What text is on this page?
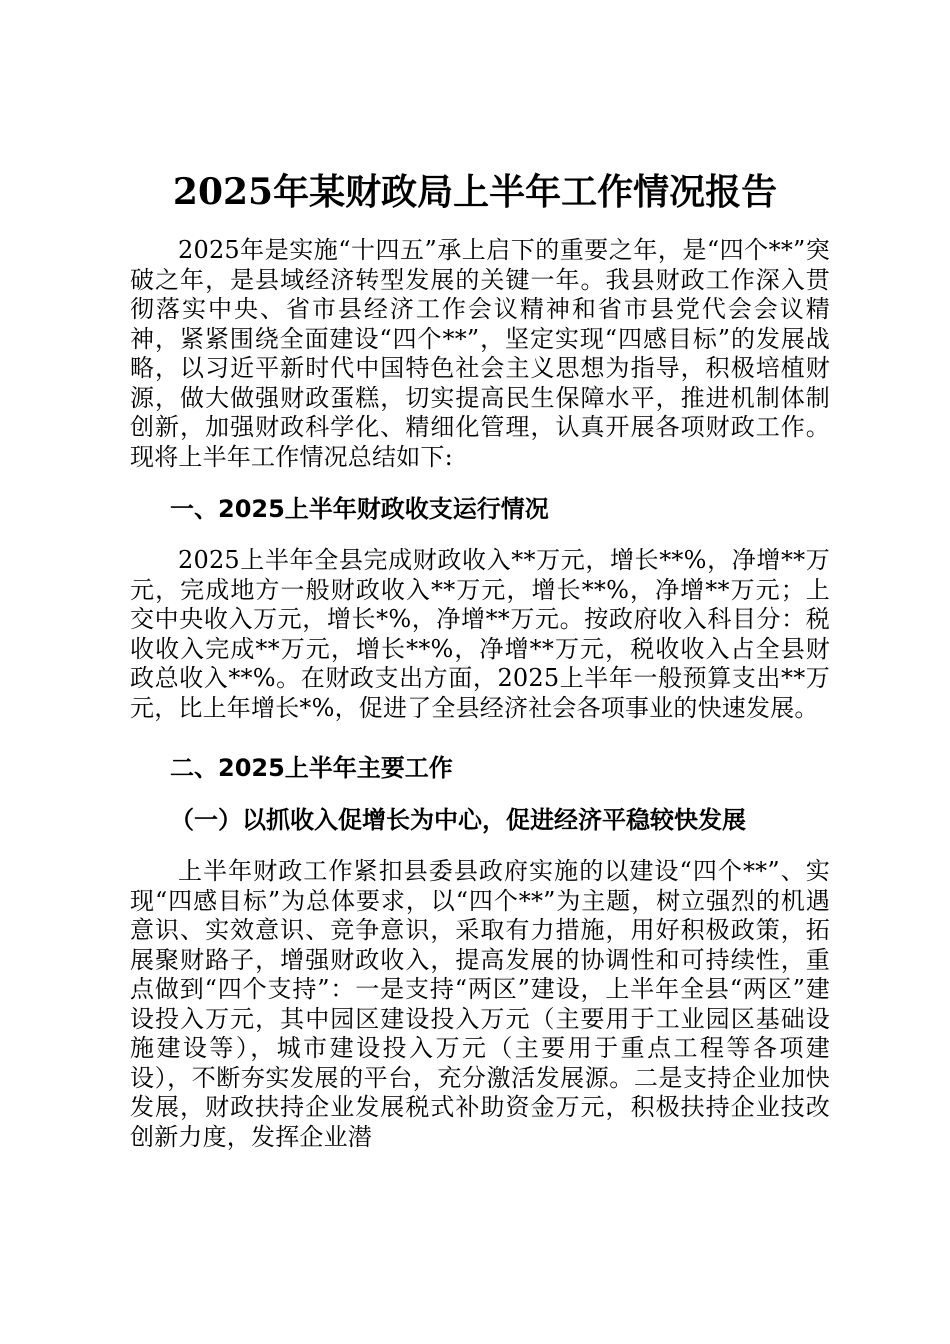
2025年某财政局上半年工作情况报告

2025年是实施“十四五”承上启下的重要之年，是“四个**”突破之年，是县域经济转型发展的关键一年。我县财政工作深入贯彻落实中央、省市县经济工作会议精神和省市县党代会会议精神，紧紧围绕全面建设“四个**”，坚定实现“四感目标”的发展战略，以习近平新时代中国特色社会主义思想为指导，积极培植财源，做大做强财政蛋糕，切实提高民生保障水平，推进机制体制创新，加强财政科学化、精细化管理，认真开展各项财政工作。现将上半年工作情况总结如下:

一、2025上半年财政收支运行情况

2025上半年全县完成财政收入**万元，增长**%，净增**万元，完成地方一般财政收入**万元，增长**%，净增**万元；上交中央收入万元，增长*%，净增**万元。按政府收入科目分：税收收入完成**万元，增长**%，净增**万元，税收收入占全县财政总收入**%。在财政支出方面，2025上半年一般预算支出**万元，比上年增长*%，促进了全县经济社会各项事业的快速发展。

二、2025上半年主要工作

（一）以抓收入促增长为中心，促进经济平稳较快发展

上半年财政工作紧扣县委县政府实施的以建设“四个**”、实现“四感目标”为总体要求，以“四个**”为主题，树立强烈的机遇意识、实效意识、竞争意识，采取有力措施，用好积极政策，拓展聚财路子，增强财政收入，提高发展的协调性和可持续性，重点做到“四个支持”：一是支持“两区”建设，上半年全县“两区”建设投入万元，其中园区建设投入万元（主要用于工业园区基础设施建设等），城市建设投入万元（主要用于重点工程等各项建设），不断夯实发展的平台，充分激活发展源。二是支持企业加快发展，财政扶持企业发展税式补助资金万元，积极扶持企业技改创新力度，发挥企业潜
